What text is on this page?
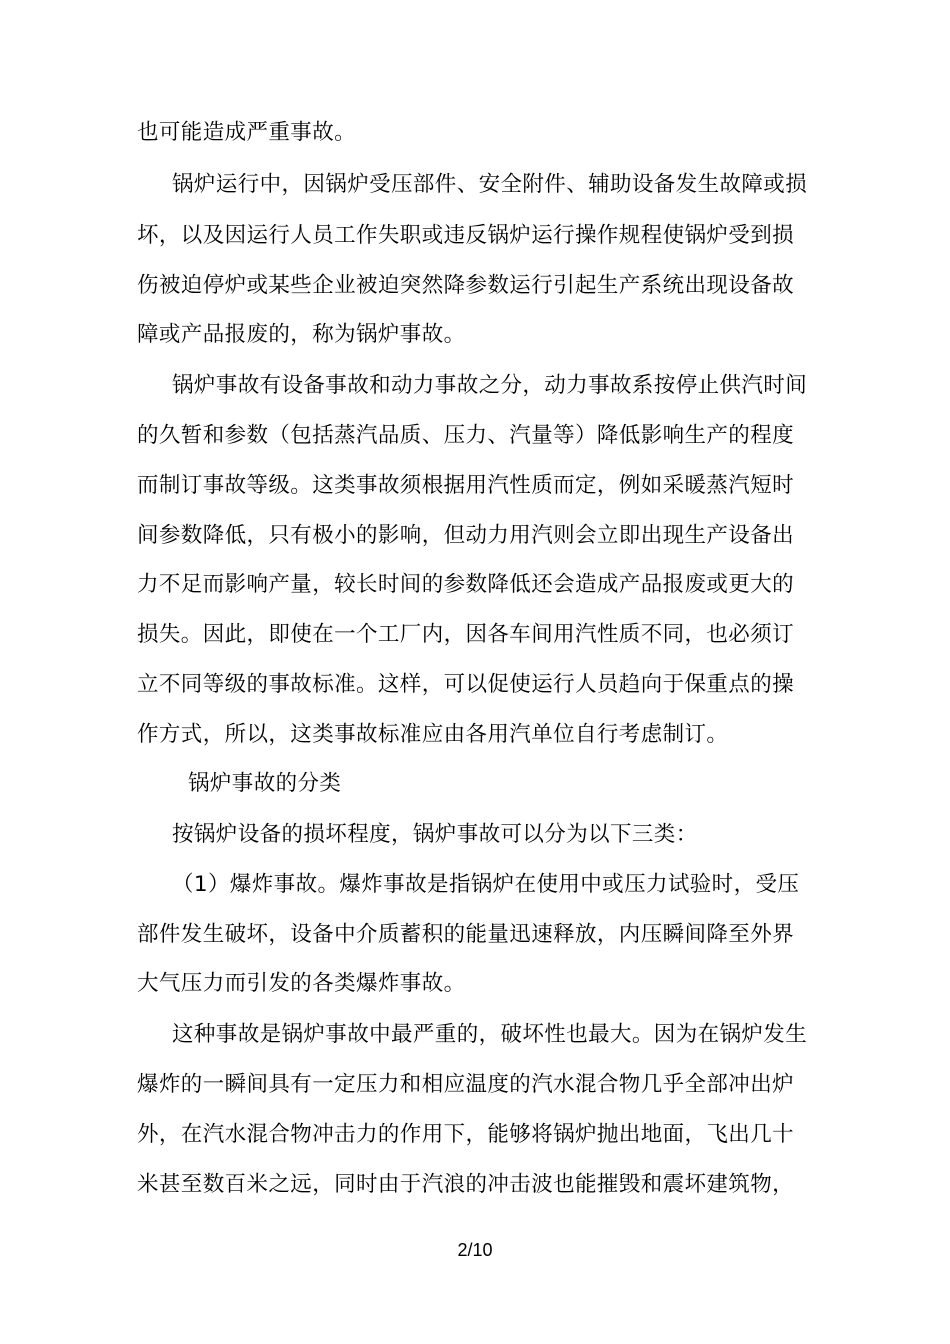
也可能造成严重事故。
锅炉运行中，因锅炉受压部件、安全附件、辅助设备发生故障或损
坏，以及因运行人员工作失职或违反锅炉运行操作规程使锅炉受到损
伤被迫停炉或某些企业被迫突然降参数运行引起生产系统出现设备故
障或产品报废的，称为锅炉事故。
锅炉事故有设备事故和动力事故之分，动力事故系按停止供汽时间
的久暂和参数（包括蒸汽品质、压力、汽量等）降低影响生产的程度
而制订事故等级。这类事故须根据用汽性质而定，例如采暖蒸汽短时
间参数降低，只有极小的影响，但动力用汽则会立即出现生产设备出
力不足而影响产量，较长时间的参数降低还会造成产品报废或更大的
损失。因此，即使在一个工厂内，因各车间用汽性质不同，也必须订
立不同等级的事故标准。这样，可以促使运行人员趋向于保重点的操
作方式，所以，这类事故标准应由各用汽单位自行考虑制订。
锅炉事故的分类
按锅炉设备的损坏程度，锅炉事故可以分为以下三类：
（1）爆炸事故。爆炸事故是指锅炉在使用中或压力试验时，受压
部件发生破坏，设备中介质蓄积的能量迅速释放，内压瞬间降至外界
大气压力而引发的各类爆炸事故。
这种事故是锅炉事故中最严重的，破坏性也最大。因为在锅炉发生
爆炸的一瞬间具有一定压力和相应温度的汽水混合物几乎全部冲出炉
外，在汽水混合物冲击力的作用下，能够将锅炉抛出地面，飞出几十
米甚至数百米之远，同时由于汽浪的冲击波也能摧毁和震坏建筑物，
2/10
